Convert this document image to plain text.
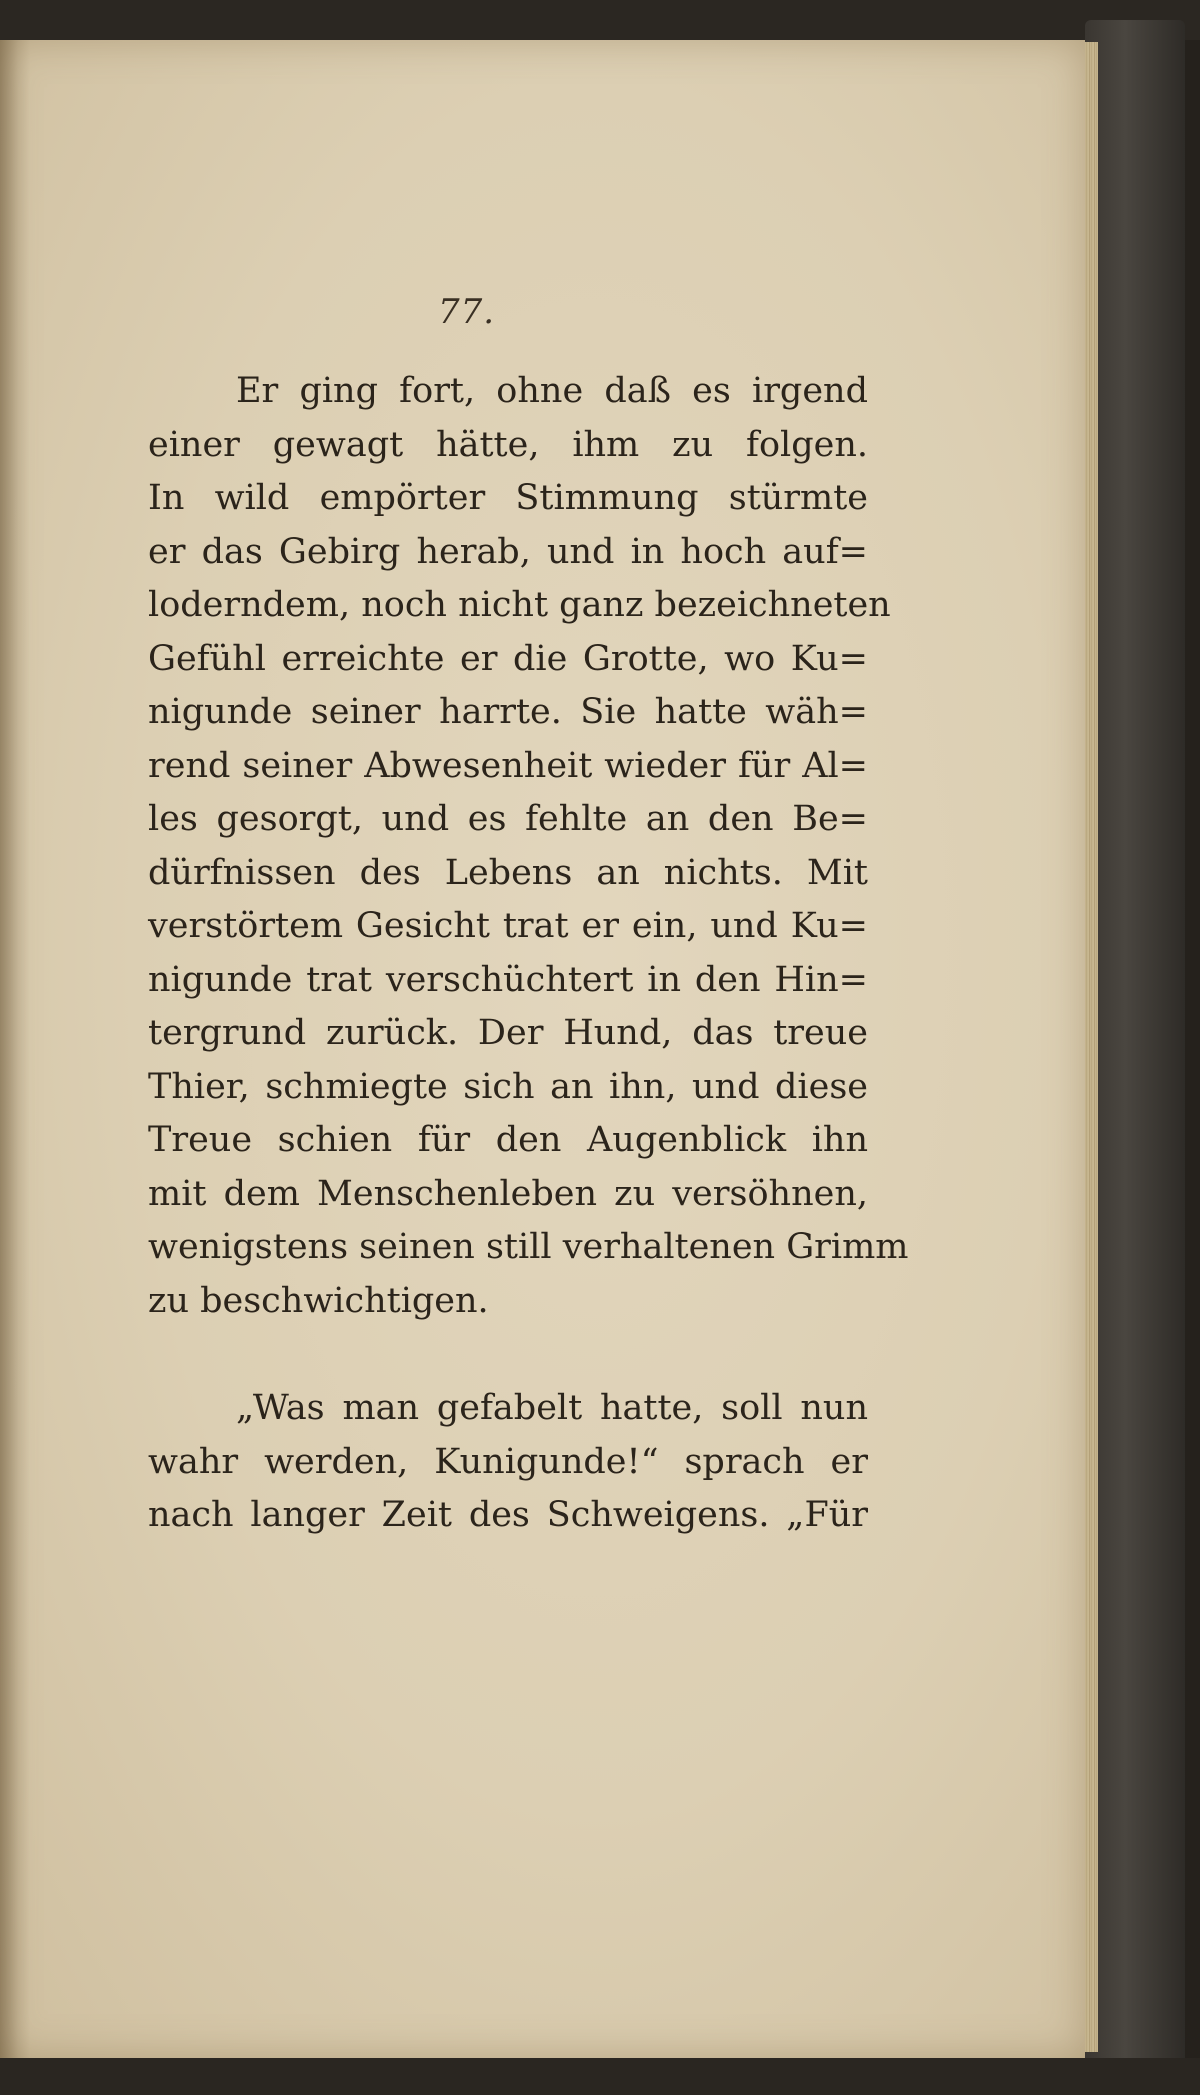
77.
Er ging fort, ohne daß es irgend
einer gewagt hätte, ihm zu folgen.
In wild empörter Stimmung stürmte
er das Gebirg herab, und in hoch auf=
loderndem, noch nicht ganz bezeichneten
Gefühl erreichte er die Grotte, wo Ku=
nigunde seiner harrte. Sie hatte wäh=
rend seiner Abwesenheit wieder für Al=
les gesorgt, und es fehlte an den Be=
dürfnissen des Lebens an nichts. Mit
verstörtem Gesicht trat er ein, und Ku=
nigunde trat verschüchtert in den Hin=
tergrund zurück. Der Hund, das treue
Thier, schmiegte sich an ihn, und diese
Treue schien für den Augenblick ihn
mit dem Menschenleben zu versöhnen,
wenigstens seinen still verhaltenen Grimm
zu beschwichtigen.
„Was man gefabelt hatte, soll nun
wahr werden, Kunigunde!“ sprach er
nach langer Zeit des Schweigens. „Für
